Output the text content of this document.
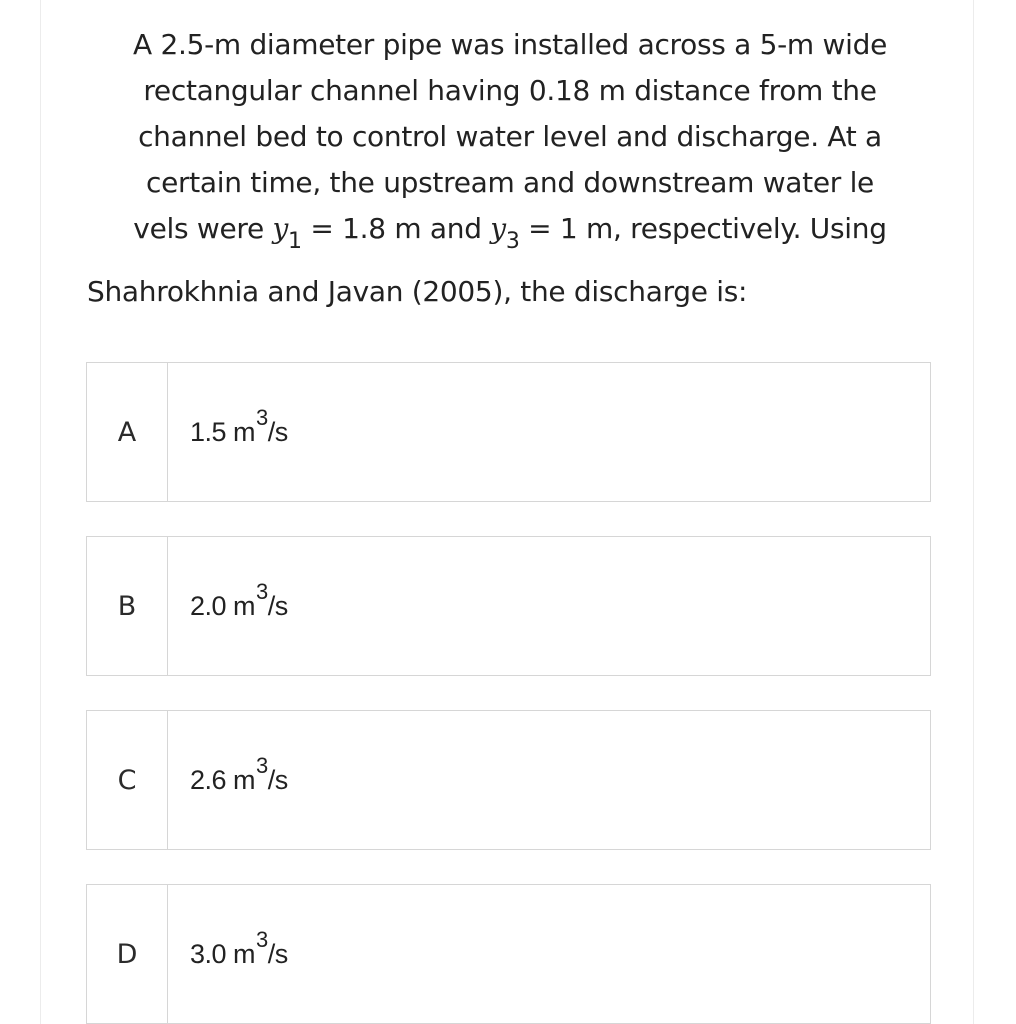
A 2.5-m diameter pipe was installed across a 5-m wide
rectangular channel having 0.18 m distance from the
channel bed to control water level and discharge. At a
certain time, the upstream and downstream water le
vels were $y_1 = 1.8$ m and $y_3 = 1$ m, respectively. Using
Shahrokhnia and Javan (2005), the discharge is:
A	1.5 m 3 /s
B	2.0 m 3 /s
C	2.6 m 3 /s
D	3.0 m 3 /s
